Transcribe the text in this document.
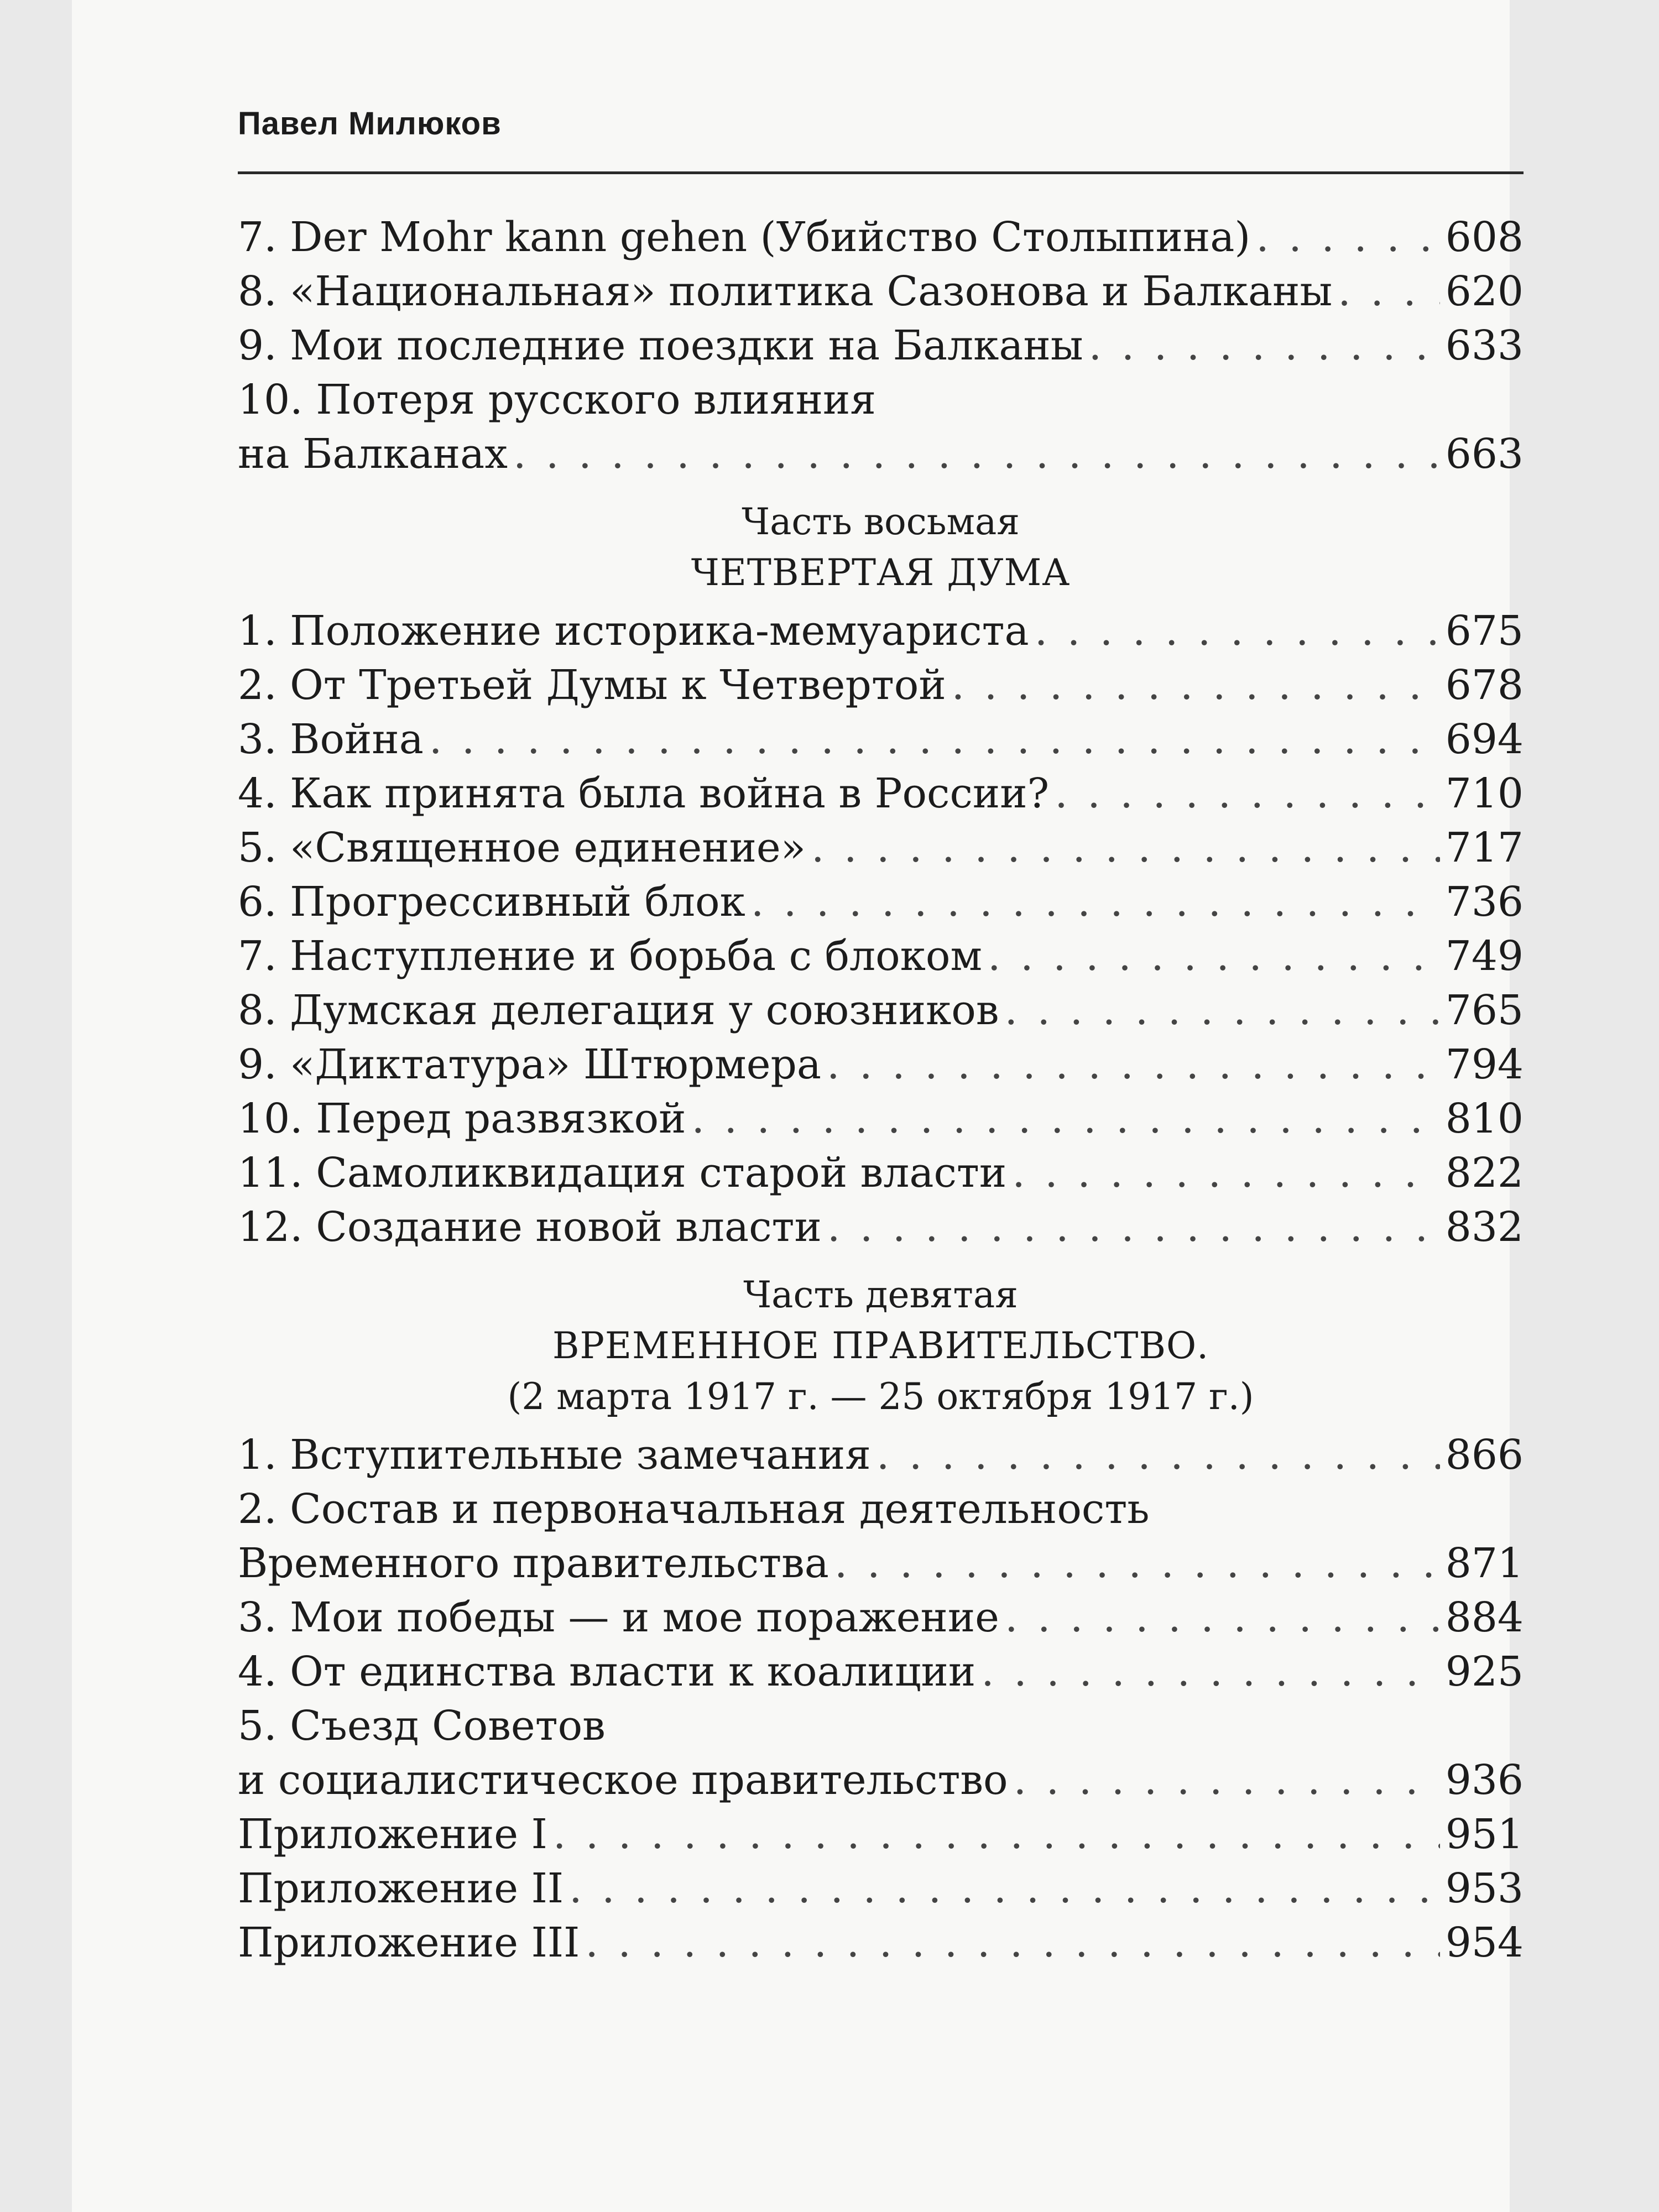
Павел Милюков
7. Der Mohr kann gehen (Убийство Столыпина) . . .	608
8. «Национальная» политика Сазонова и Балканы . . .	620
9. Мои последние поездки на Балканы . . .	633
10. Потеря русского влияния
на Балканах . . .	663
Часть восьмая
ЧЕТВЕРТАЯ ДУМА
1. Положение историка-мемуариста . . .	675
2. От Третьей Думы к Четвертой . . .	678
3. Война . . .	694
4. Как принята была война в России? . . .	710
5. «Священное единение» . . .	717
6. Прогрессивный блок . . .	736
7. Наступление и борьба с блоком . . .	749
8. Думская делегация у союзников . . .	765
9. «Диктатура» Штюрмера . . .	794
10. Перед развязкой . . .	810
11. Самоликвидация старой власти . . .	822
12. Создание новой власти . . .	832
Часть девятая
ВРЕМЕННОЕ ПРАВИТЕЛЬСТВО.
(2 марта 1917 г. — 25 октября 1917 г.)
1. Вступительные замечания . . .	866
2. Состав и первоначальная деятельность
Временного правительства . . .	871
3. Мои победы — и мое поражение . . .	884
4. От единства власти к коалиции . . .	925
5. Съезд Советов
и социалистическое правительство . . .	936
Приложение I . . .	951
Приложение II . . .	953
Приложение III . . .	954
